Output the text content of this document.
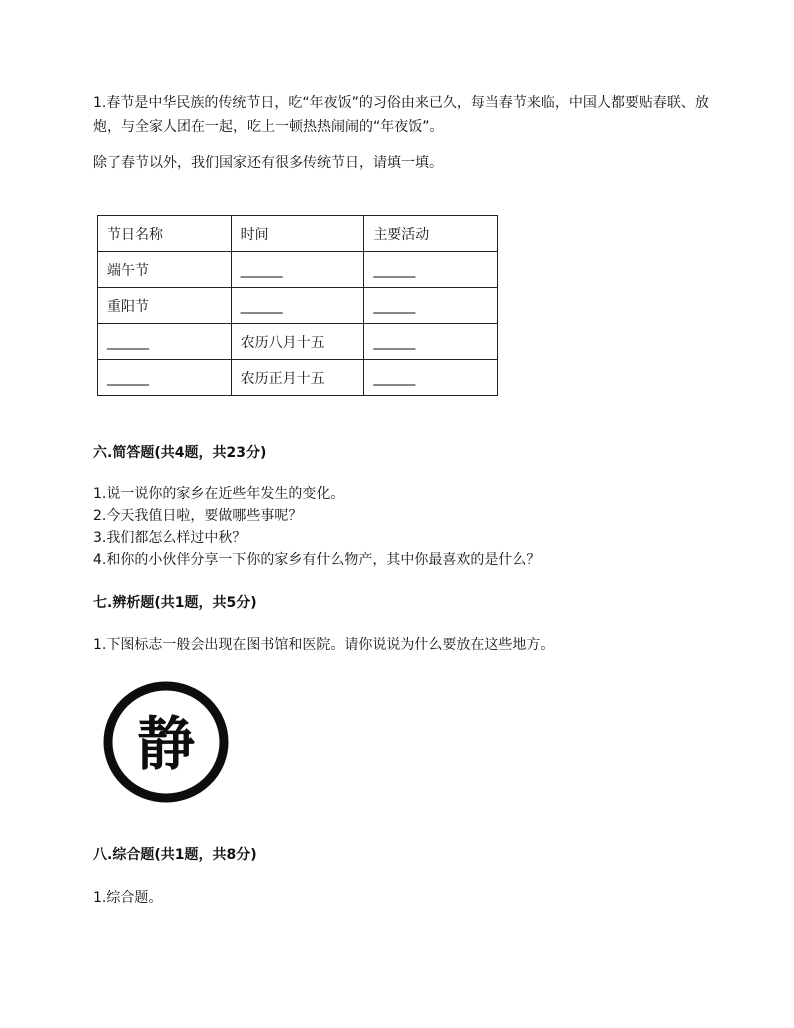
1.春节是中华民族的传统节日，吃“年夜饭”的习俗由来已久，每当春节来临，中国人都要贴春联、放炮，与全家人团在一起，吃上一顿热热闹闹的“年夜饭”。

除了春节以外，我们国家还有很多传统节日，请填一填。

节日名称	时间	主要活动
端午节	______	______
重阳节	______	______
______	农历八月十五	______
______	农历正月十五	______
六.简答题(共4题，共23分)
1.说一说你的家乡在近些年发生的变化。
2.今天我值日啦，要做哪些事呢？
3.我们都怎么样过中秋？
4.和你的小伙伴分享一下你的家乡有什么物产，其中你最喜欢的是什么？
七.辨析题(共1题，共5分)

1.下图标志一般会出现在图书馆和医院。请你说说为什么要放在这些地方。

静
八.综合题(共1题，共8分)

1.综合题。
